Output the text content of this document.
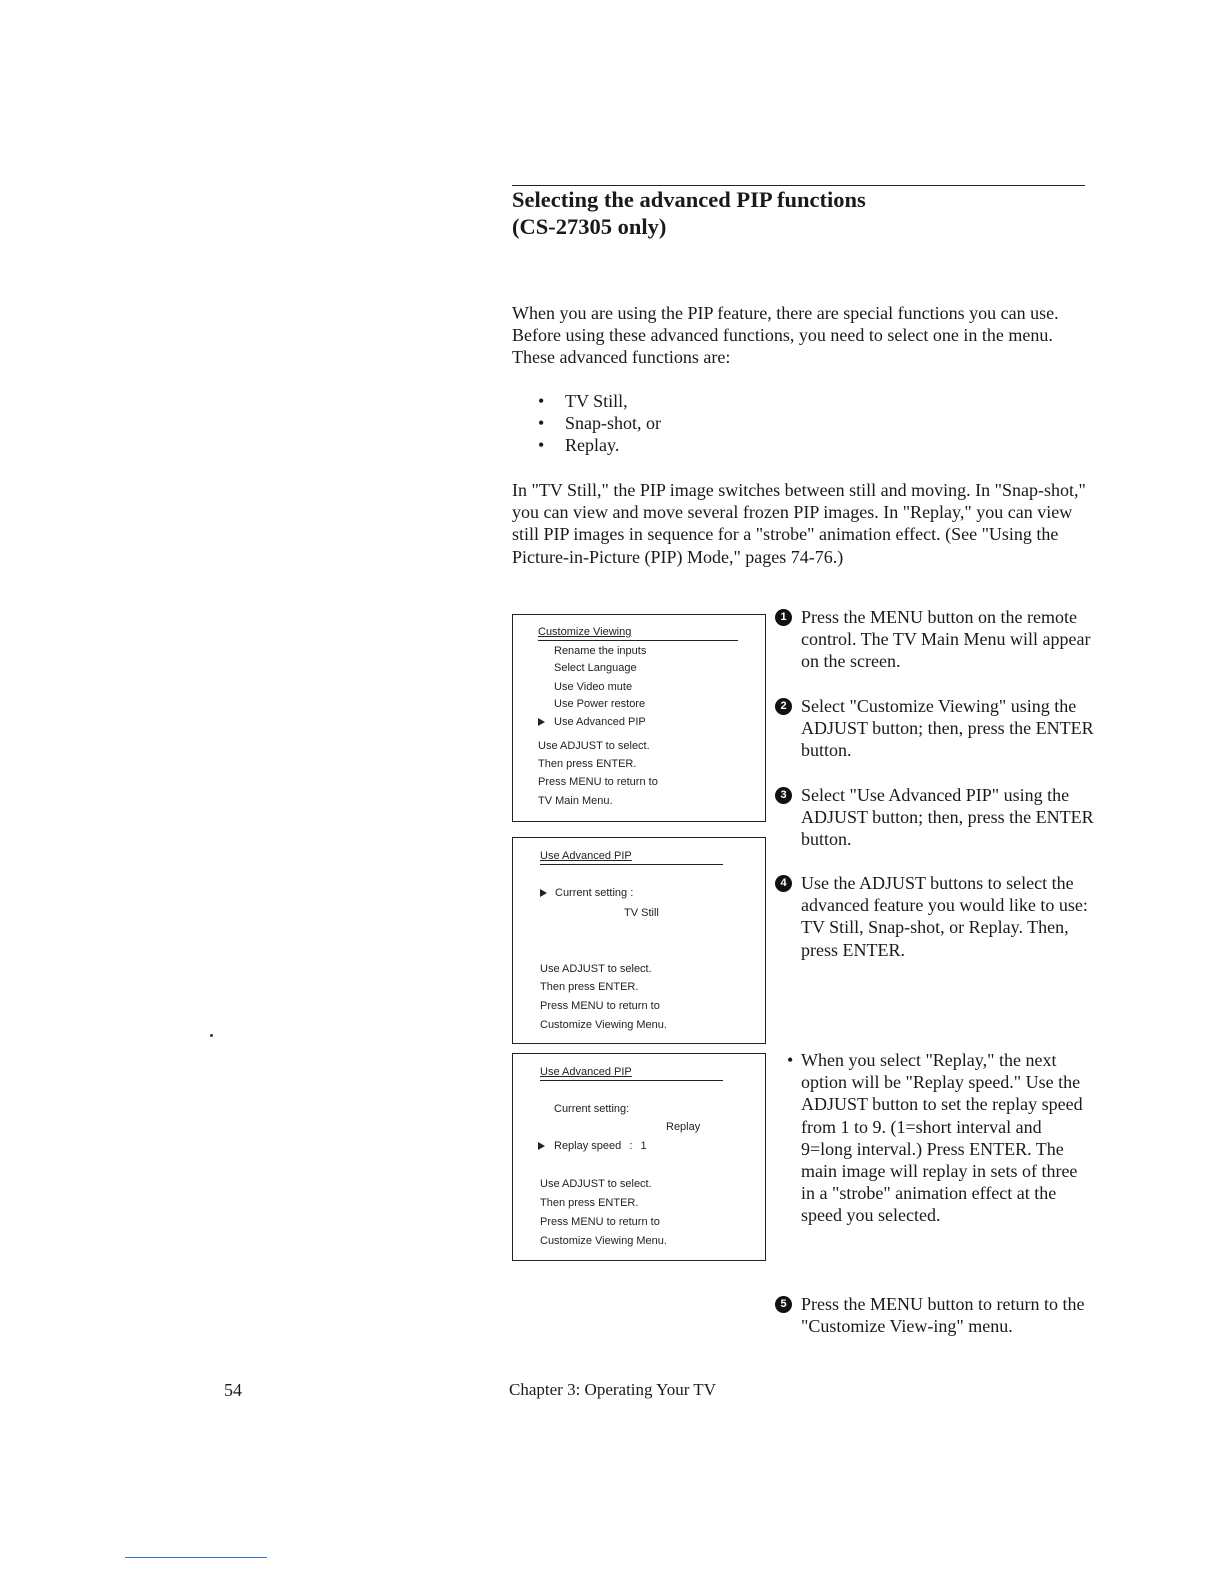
Selecting the advanced PIP functions
(CS-27305 only)

When you are using the PIP feature, there are special functions you can use. Before using these advanced functions, you need to select one in the menu. These advanced functions are:

• TV Still,
• Snap-shot, or
• Replay.

In "TV Still," the PIP image switches between still and moving. In "Snap-shot," you can view and move several frozen PIP images. In "Replay," you can view still PIP images in sequence for a "strobe" animation effect. (See "Using the Picture-in-Picture (PIP) Mode," pages 74-76.)

Customize Viewing
Rename the inputs
Select Language
Use Video mute
Use Power restore
Use Advanced PIP
Use ADJUST to select.
Then press ENTER.
Press MENU to return to
TV Main Menu.
Use Advanced PIP
Current setting :
TV Still
Use ADJUST to select.
Then press ENTER.
Press MENU to return to
Customize Viewing Menu.
Use Advanced PIP
Current setting:
Replay
Replay speed : 1
Use ADJUST to select.
Then press ENTER.
Press MENU to return to
Customize Viewing Menu.
1 Press the MENU button on the remote control. The TV Main Menu will appear on the screen.
2 Select "Customize Viewing" using the ADJUST button; then, press the ENTER button.
3 Select "Use Advanced PIP" using the ADJUST button; then, press the ENTER button.
4 Use the ADJUST buttons to select the advanced feature you would like to use: TV Still, Snap-shot, or Replay. Then, press ENTER.
5 Press the MENU button to return to the "Customize View-ing" menu.
• When you select "Replay," the next option will be "Replay speed." Use the ADJUST button to set the replay speed from 1 to 9. (1=short interval and 9=long interval.) Press ENTER. The main image will replay in sets of three in a "strobe" animation effect at the speed you selected.
54	Chapter 3: Operating Your TV
